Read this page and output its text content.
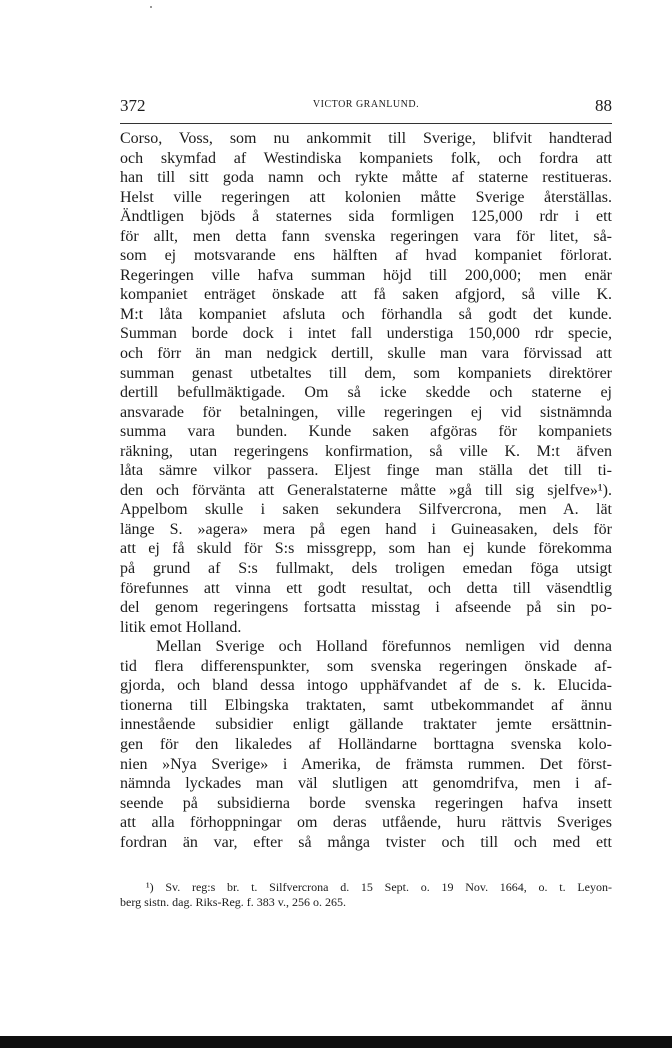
372	VICTOR GRANLUND.	88
Corso, Voss, som nu ankommit till Sverige, blifvit handterad
och skymfad af Westindiska kompaniets folk, och fordra att
han till sitt goda namn och rykte måtte af staterne restitueras.
Helst ville regeringen att kolonien måtte Sverige återställas.
Ändtligen bjöds å staternes sida formligen 125,000 rdr i ett
för allt, men detta fann svenska regeringen vara för litet, så-
som ej motsvarande ens hälften af hvad kompaniet förlorat.
Regeringen ville hafva summan höjd till 200,000; men enär
kompaniet enträget önskade att få saken afgjord, så ville K.
M:t låta kompaniet afsluta och förhandla så godt det kunde.
Summan borde dock i intet fall understiga 150,000 rdr specie,
och förr än man nedgick dertill, skulle man vara förvissad att
summan genast utbetaltes till dem, som kompaniets direktörer
dertill befullmäktigade. Om så icke skedde och staterne ej
ansvarade för betalningen, ville regeringen ej vid sistnämnda
summa vara bunden. Kunde saken afgöras för kompaniets
räkning, utan regeringens konfirmation, så ville K. M:t äfven
låta sämre vilkor passera. Eljest finge man ställa det till ti-
den och förvänta att Generalstaterne måtte »gå till sig sjelfve»¹).
Appelbom skulle i saken sekundera Silfvercrona, men A. lät
länge S. »agera» mera på egen hand i Guineasaken, dels för
att ej få skuld för S:s missgrepp, som han ej kunde förekomma
på grund af S:s fullmakt, dels troligen emedan föga utsigt
förefunnes att vinna ett godt resultat, och detta till väsendtlig
del genom regeringens fortsatta misstag i afseende på sin po-
litik emot Holland.
Mellan Sverige och Holland förefunnos nemligen vid denna
tid flera differenspunkter, som svenska regeringen önskade af-
gjorda, och bland dessa intogo upphäfvandet af de s. k. Elucida-
tionerna till Elbingska traktaten, samt utbekommandet af ännu
innestående subsidier enligt gällande traktater jemte ersättnin-
gen för den likaledes af Holländarne borttagna svenska kolo-
nien »Nya Sverige» i Amerika, de främsta rummen. Det först-
nämnda lyckades man väl slutligen att genomdrifva, men i af-
seende på subsidierna borde svenska regeringen hafva insett
att alla förhoppningar om deras utfående, huru rättvis Sveriges
fordran än var, efter så många tvister och till och med ett
¹) Sv. reg:s br. t. Silfvercrona d. 15 Sept. o. 19 Nov. 1664, o. t. Leyon-
berg sistn. dag. Riks-Reg. f. 383 v., 256 o. 265.
